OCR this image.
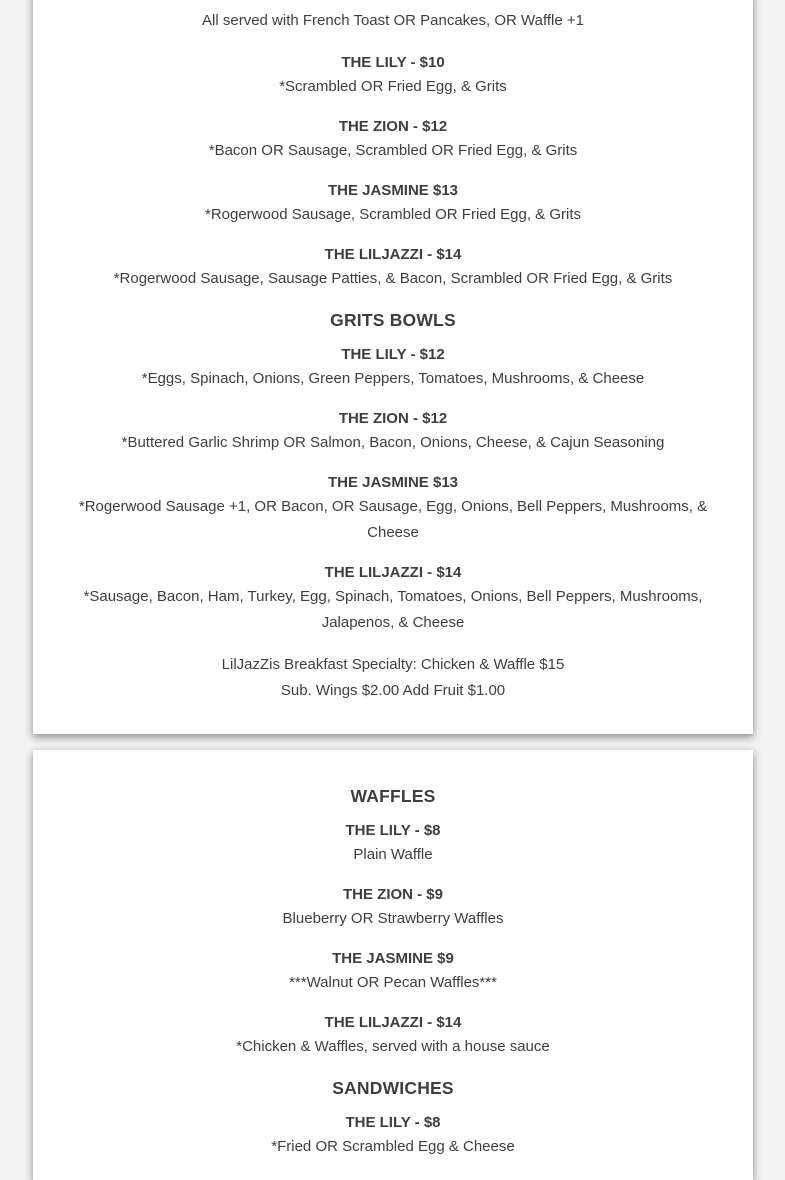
All served with French Toast OR Pancakes, OR Waffle +1

THE LILY - $10

*Scrambled OR Fried Egg, & Grits

THE ZION - $12

*Bacon OR Sausage, Scrambled OR Fried Egg, & Grits

THE JASMINE $13

*Rogerwood Sausage, Scrambled OR Fried Egg, & Grits

THE LILJAZZI - $14

*Rogerwood Sausage, Sausage Patties, & Bacon, Scrambled OR Fried Egg, & Grits

GRITS BOWLS

THE LILY - $12

*Eggs, Spinach, Onions, Green Peppers, Tomatoes, Mushrooms, & Cheese

THE ZION - $12

*Buttered Garlic Shrimp OR Salmon, Bacon, Onions, Cheese, & Cajun Seasoning

THE JASMINE $13

*Rogerwood Sausage +1, OR Bacon, OR Sausage, Egg, Onions, Bell Peppers, Mushrooms, & Cheese

THE LILJAZZI - $14

*Sausage, Bacon, Ham, Turkey, Egg, Spinach, Tomatoes, Onions, Bell Peppers, Mushrooms, Jalapenos, & Cheese

LilJazZis Breakfast Specialty: Chicken & Waffle $15

Sub. Wings $2.00 Add Fruit $1.00

WAFFLES

THE LILY - $8

Plain Waffle

THE ZION - $9

Blueberry OR Strawberry Waffles

THE JASMINE $9

***Walnut OR Pecan Waffles***

THE LILJAZZI - $14

*Chicken & Waffles, served with a house sauce

SANDWICHES

THE LILY - $8

*Fried OR Scrambled Egg & Cheese
